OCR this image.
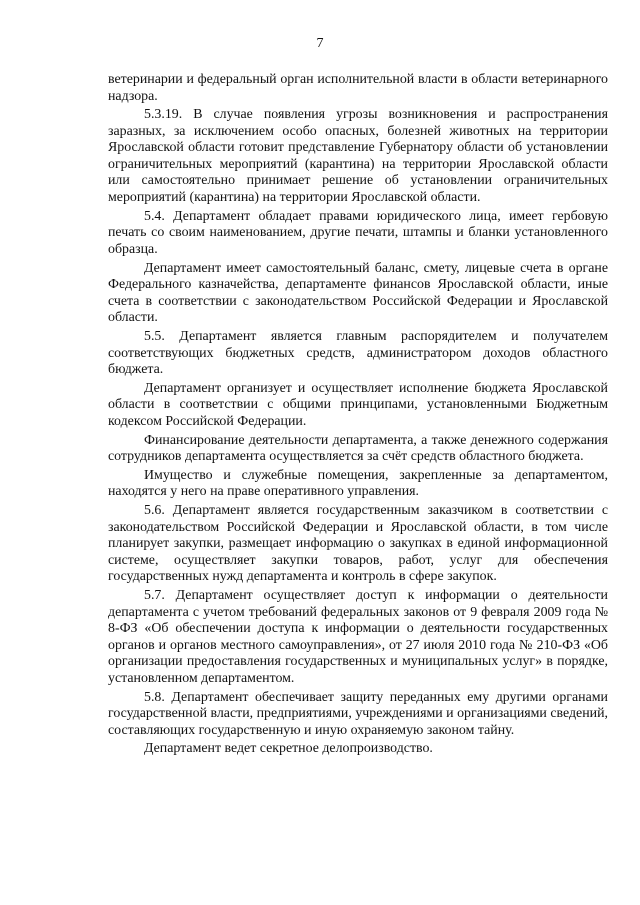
7

ветеринарии и федеральный орган исполнительной власти в области ветеринарного надзора.

5.3.19. В случае появления угрозы возникновения и распространения заразных, за исключением особо опасных, болезней животных на территории Ярославской области готовит представление Губернатору области об установлении ограничительных мероприятий (карантина) на территории Ярославской области или самостоятельно принимает решение об установлении ограничительных мероприятий (карантина) на территории Ярославской области.

5.4. Департамент обладает правами юридического лица, имеет гербовую печать со своим наименованием, другие печати, штампы и бланки установленного образца.

Департамент имеет самостоятельный баланс, смету, лицевые счета в органе Федерального казначейства, департаменте финансов Ярославской области, иные счета в соответствии с законодательством Российской Федерации и Ярославской области.

5.5. Департамент является главным распорядителем и получателем соответствующих бюджетных средств, администратором доходов областного бюджета.

Департамент организует и осуществляет исполнение бюджета Ярославской области в соответствии с общими принципами, установленными Бюджетным кодексом Российской Федерации.

Финансирование деятельности департамента, а также денежного содержания сотрудников департамента осуществляется за счёт средств областного бюджета.

Имущество и служебные помещения, закрепленные за департаментом, находятся у него на праве оперативного управления.

5.6. Департамент является государственным заказчиком в соответствии с законодательством Российской Федерации и Ярославской области, в том числе планирует закупки, размещает информацию о закупках в единой информационной системе, осуществляет закупки товаров, работ, услуг для обеспечения государственных нужд департамента и контроль в сфере закупок.

5.7. Департамент осуществляет доступ к информации о деятельности департамента с учетом требований федеральных законов от 9 февраля 2009 года № 8-ФЗ «Об обеспечении доступа к информации о деятельности государственных органов и органов местного самоуправления», от 27 июля 2010 года № 210-ФЗ «Об организации предоставления государственных и муниципальных услуг» в порядке, установленном департаментом.

5.8. Департамент обеспечивает защиту переданных ему другими органами государственной власти, предприятиями, учреждениями и организациями сведений, составляющих государственную и иную охраняемую законом тайну.

Департамент ведет секретное делопроизводство.
